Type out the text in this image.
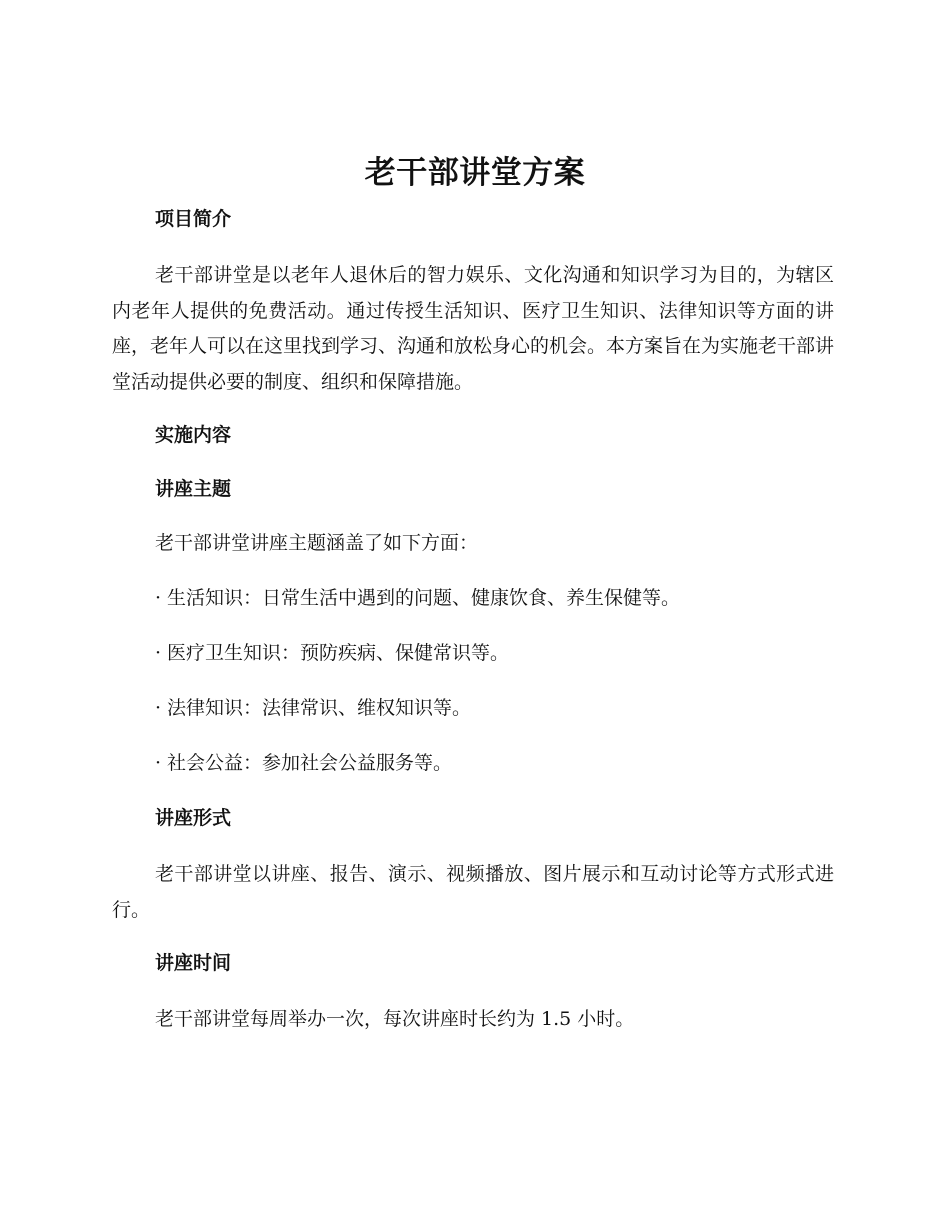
老干部讲堂方案
项目简介
老干部讲堂是以老年人退休后的智力娱乐、文化沟通和知识学习为目的，为辖区内老年人提供的免费活动。通过传授生活知识、医疗卫生知识、法律知识等方面的讲座，老年人可以在这里找到学习、沟通和放松身心的机会。本方案旨在为实施老干部讲堂活动提供必要的制度、组织和保障措施。
实施内容
讲座主题
老干部讲堂讲座主题涵盖了如下方面：
· 生活知识：日常生活中遇到的问题、健康饮食、养生保健等。
· 医疗卫生知识：预防疾病、保健常识等。
· 法律知识：法律常识、维权知识等。
· 社会公益：参加社会公益服务等。
讲座形式
老干部讲堂以讲座、报告、演示、视频播放、图片展示和互动讨论等方式形式进行。
讲座时间
老干部讲堂每周举办一次，每次讲座时长约为 1.5 小时。
